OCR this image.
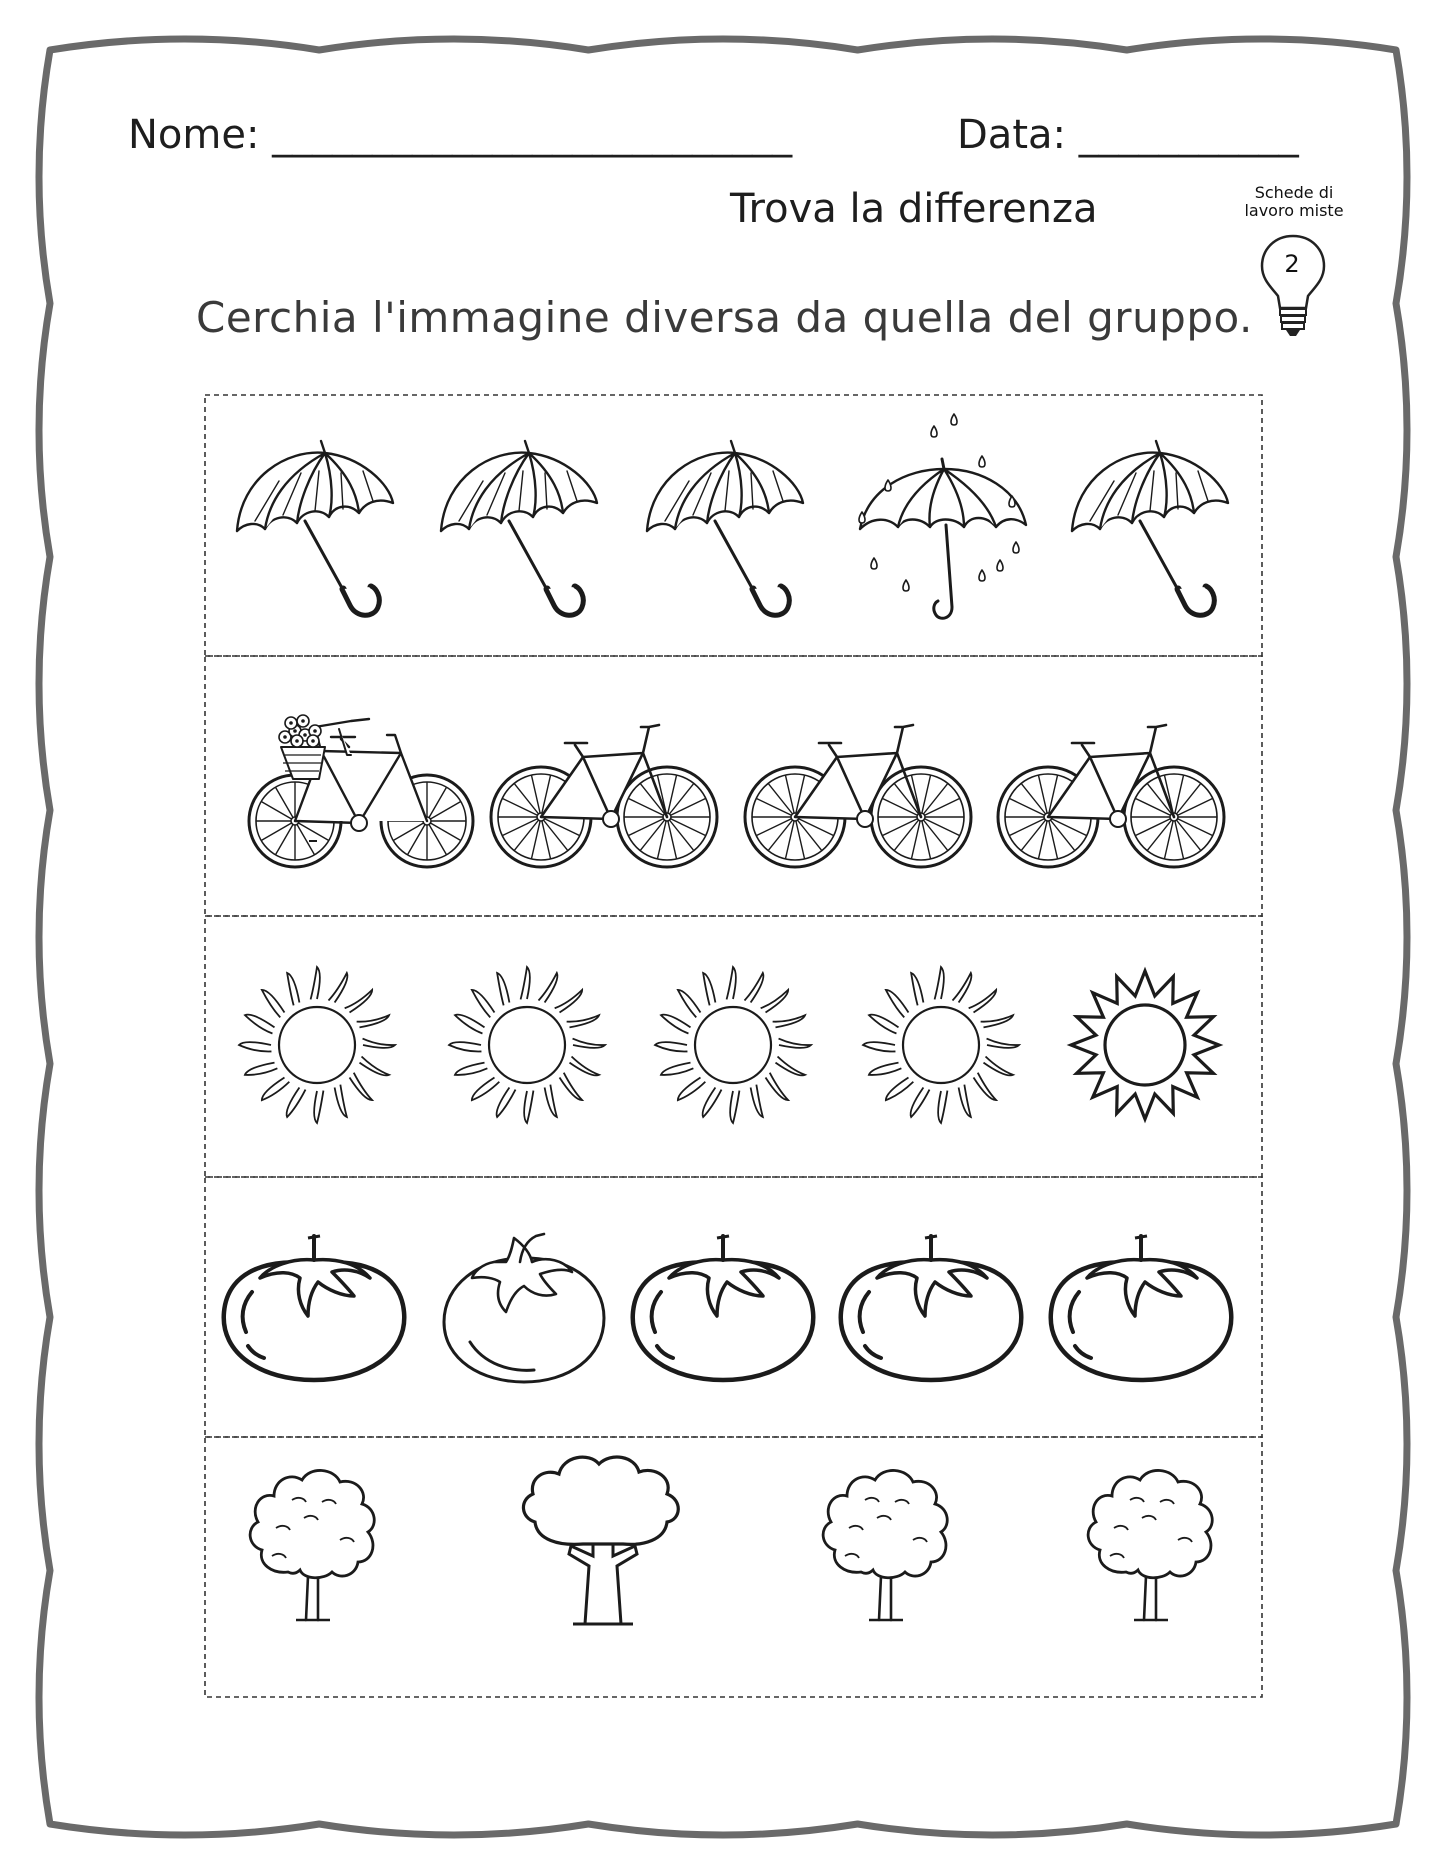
Nome: __________________________	Data: ___________
Trova la differenza
Cerchia l'immagine diversa da quella del gruppo.
Schede di
lavoro miste
2
